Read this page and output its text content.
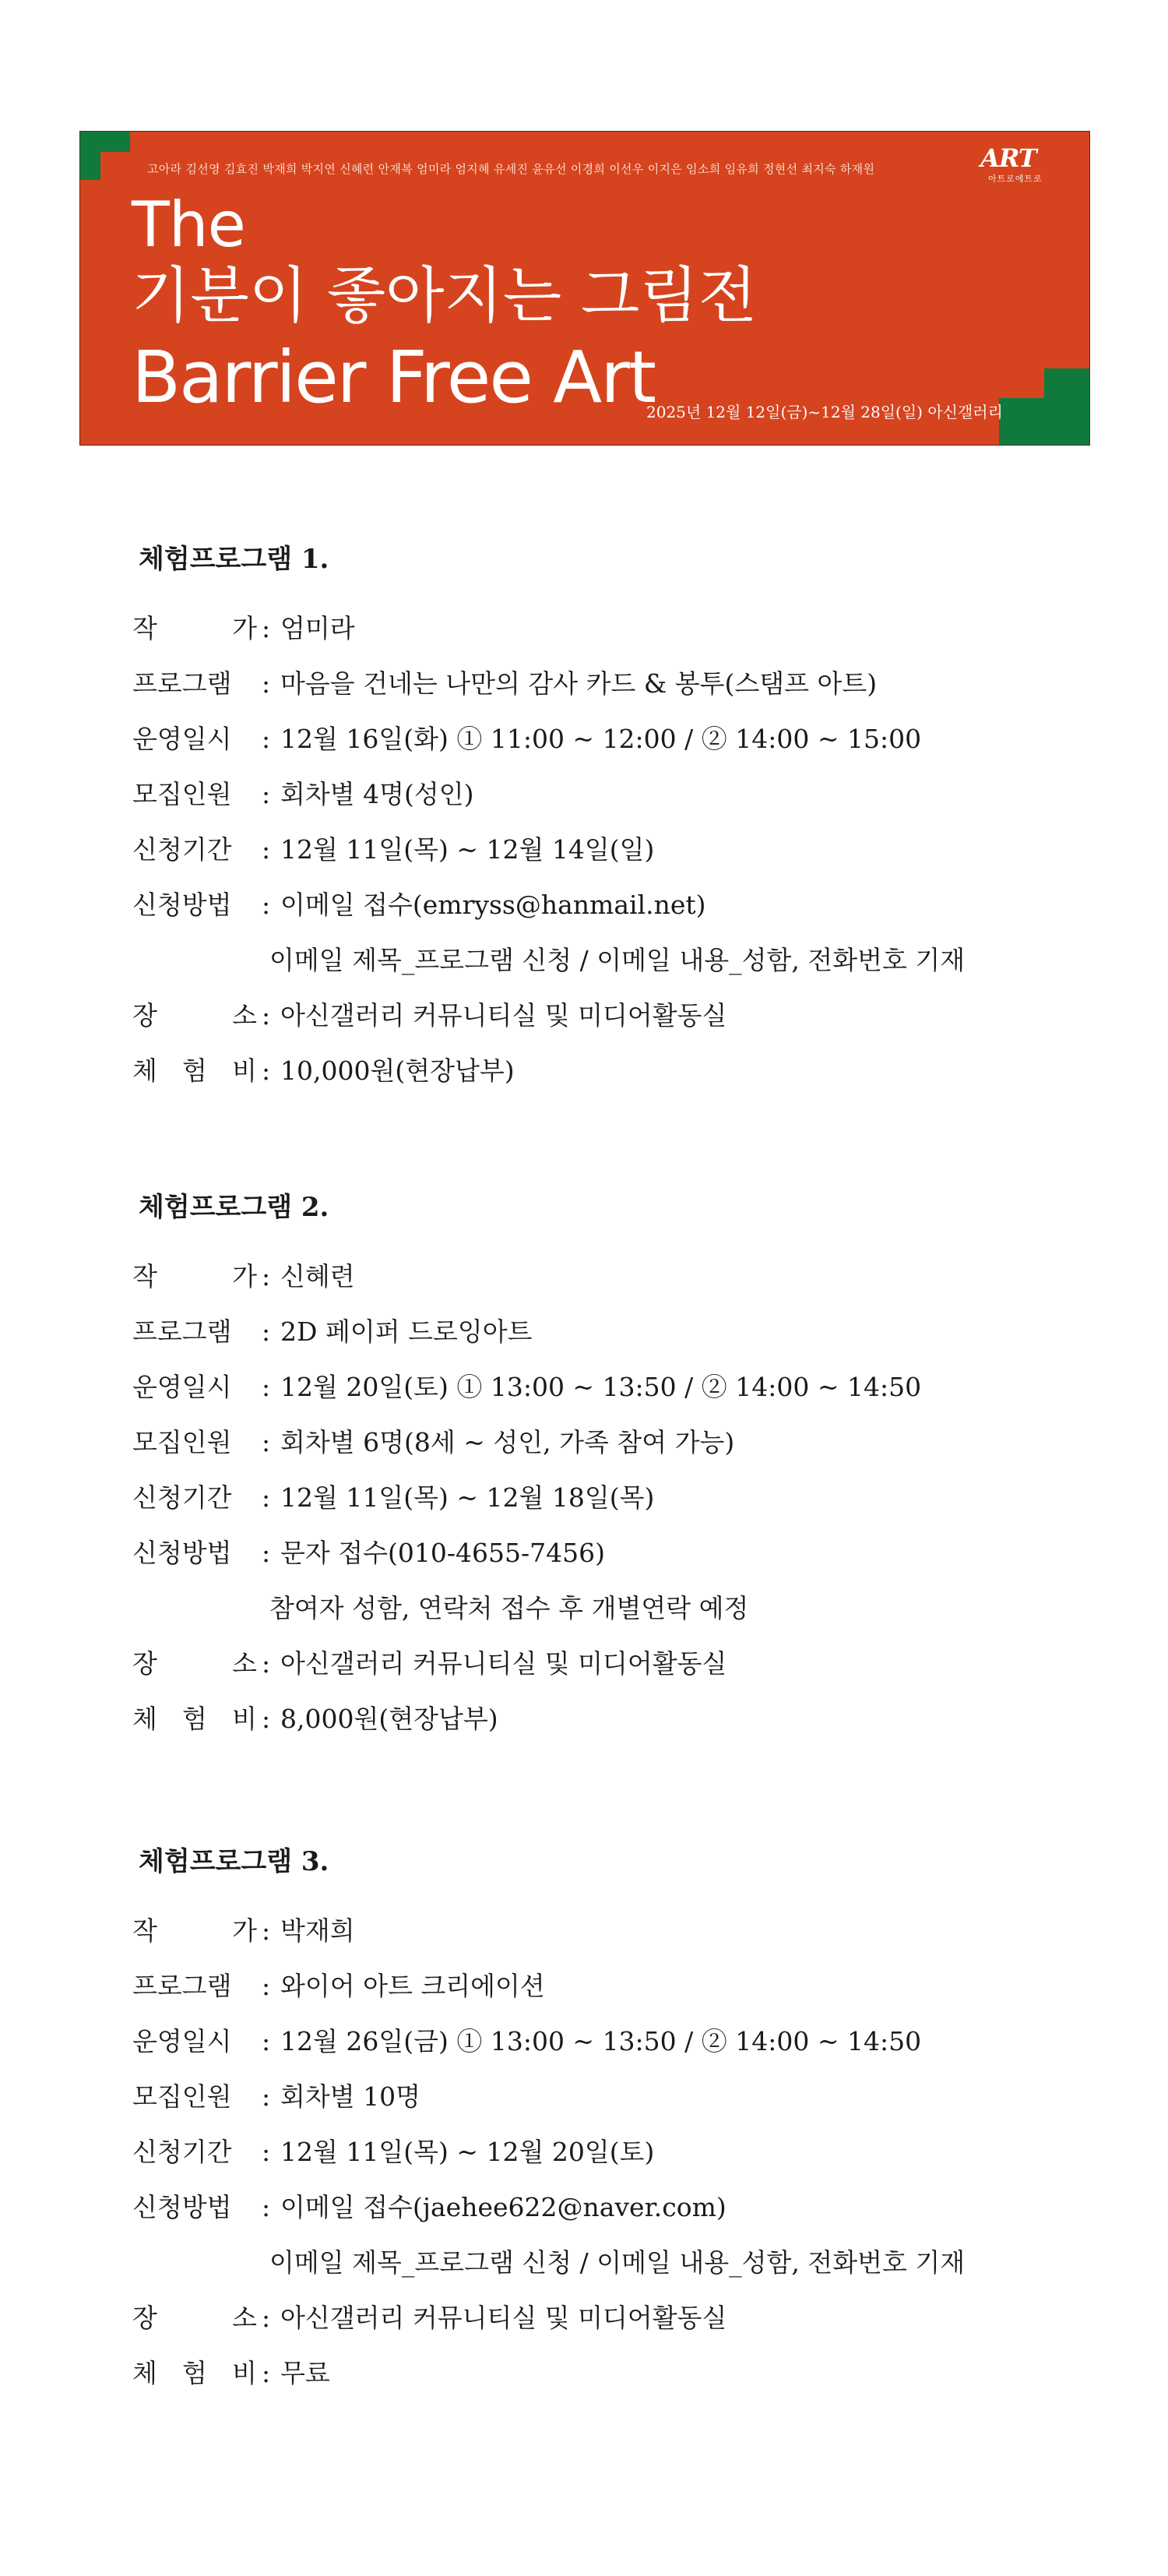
고아라 김선영 김효진 박재희 박지연 신혜련 안재복 엄미라 엄지혜 유세진 윤유선 이경희 이선우 이지은 임소희 임유희 정현선 최지숙 하재원	ART
아트로에트로
The
기분이 좋아지는 그림전
Barrier Free Art
2025년 12월 12일(금)~12월 28일(일) 아신갤러리
체험프로그램 1.
작	가 : 엄미라
프로그램	: 마음을 건네는 나만의 감사 카드 & 봉투(스탬프 아트)
운영일시	: 12월 16일(화) ① 11:00 ~ 12:00 / ② 14:00 ~ 15:00
모집인원	: 회차별 4명(성인)
신청기간	: 12월 11일(목) ~ 12월 14일(일)
신청방법	: 이메일 접수(emryss@hanmail.net)
이메일 제목_프로그램 신청 / 이메일 내용_성함, 전화번호 기재
장	소 : 아신갤러리 커뮤니티실 및 미디어활동실
체 험 비 : 10,000원(현장납부)
체험프로그램 2.
작	가 : 신혜련
프로그램	: 2D 페이퍼 드로잉아트
운영일시	: 12월 20일(토) ① 13:00 ~ 13:50 / ② 14:00 ~ 14:50
모집인원	: 회차별 6명(8세 ~ 성인, 가족 참여 가능)
신청기간	: 12월 11일(목) ~ 12월 18일(목)
신청방법	: 문자 접수(010-4655-7456)
참여자 성함, 연락처 접수 후 개별연락 예정
장	소 : 아신갤러리 커뮤니티실 및 미디어활동실
체 험 비 : 8,000원(현장납부)
체험프로그램 3.
작	가 : 박재희
프로그램	: 와이어 아트 크리에이션
운영일시	: 12월 26일(금) ① 13:00 ~ 13:50 / ② 14:00 ~ 14:50
모집인원	: 회차별 10명
신청기간	: 12월 11일(목) ~ 12월 20일(토)
신청방법	: 이메일 접수(jaehee622@naver.com)
이메일 제목_프로그램 신청 / 이메일 내용_성함, 전화번호 기재
장	소 : 아신갤러리 커뮤니티실 및 미디어활동실
체 험 비 : 무료
